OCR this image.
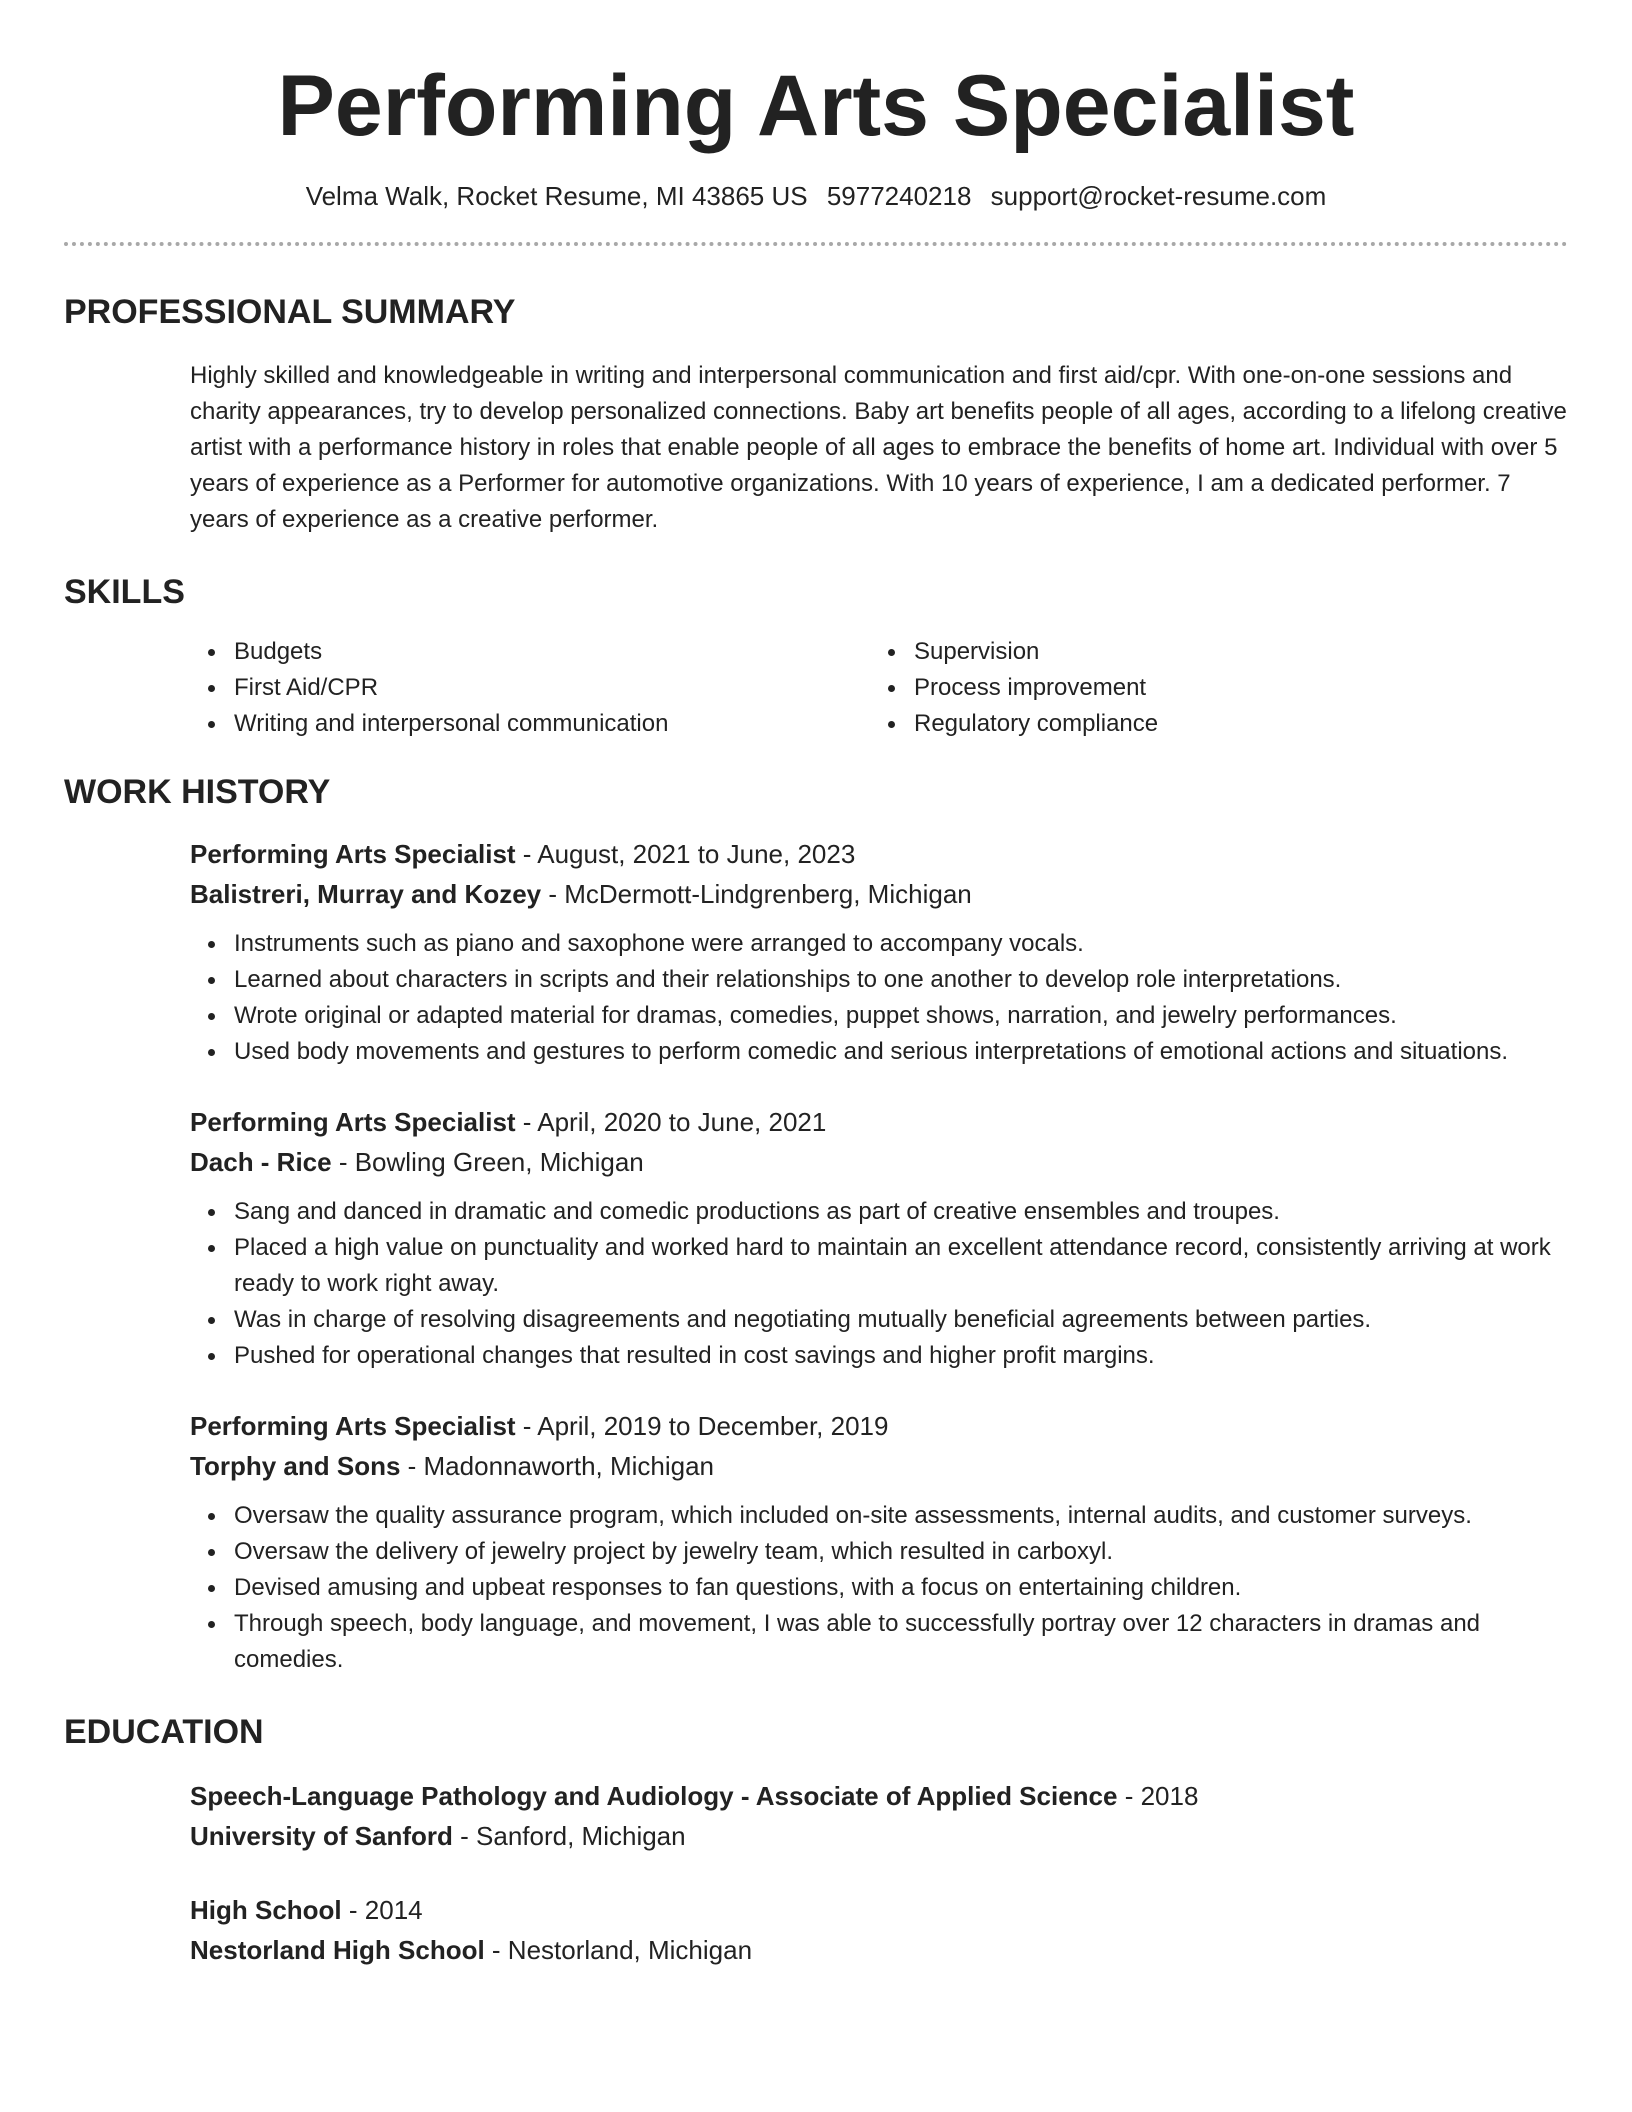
Performing Arts Specialist
Velma Walk, Rocket Resume, MI 43865 US 5977240218 support@rocket-resume.com
PROFESSIONAL SUMMARY

Highly skilled and knowledgeable in writing and interpersonal communication and first aid/cpr. With one-on-one sessions and charity appearances, try to develop personalized connections. Baby art benefits people of all ages, according to a lifelong creative artist with a performance history in roles that enable people of all ages to embrace the benefits of home art. Individual with over 5 years of experience as a Performer for automotive organizations. With 10 years of experience, I am a dedicated performer. 7 years of experience as a creative performer.

SKILLS
Budgets
First Aid/CPR
Writing and interpersonal communication
Supervision
Process improvement
Regulatory compliance
WORK HISTORY
Performing Arts Specialist - August, 2021 to June, 2023
Balistreri, Murray and Kozey - McDermott-Lindgrenberg, Michigan
Instruments such as piano and saxophone were arranged to accompany vocals.
Learned about characters in scripts and their relationships to one another to develop role interpretations.
Wrote original or adapted material for dramas, comedies, puppet shows, narration, and jewelry performances.
Used body movements and gestures to perform comedic and serious interpretations of emotional actions and situations.
Performing Arts Specialist - April, 2020 to June, 2021
Dach - Rice - Bowling Green, Michigan
Sang and danced in dramatic and comedic productions as part of creative ensembles and troupes.
Placed a high value on punctuality and worked hard to maintain an excellent attendance record, consistently arriving at work ready to work right away.
Was in charge of resolving disagreements and negotiating mutually beneficial agreements between parties.
Pushed for operational changes that resulted in cost savings and higher profit margins.
Performing Arts Specialist - April, 2019 to December, 2019
Torphy and Sons - Madonnaworth, Michigan
Oversaw the quality assurance program, which included on-site assessments, internal audits, and customer surveys.
Oversaw the delivery of jewelry project by jewelry team, which resulted in carboxyl.
Devised amusing and upbeat responses to fan questions, with a focus on entertaining children.
Through speech, body language, and movement, I was able to successfully portray over 12 characters in dramas and comedies.
EDUCATION
Speech-Language Pathology and Audiology - Associate of Applied Science - 2018
University of Sanford - Sanford, Michigan
High School - 2014
Nestorland High School - Nestorland, Michigan
